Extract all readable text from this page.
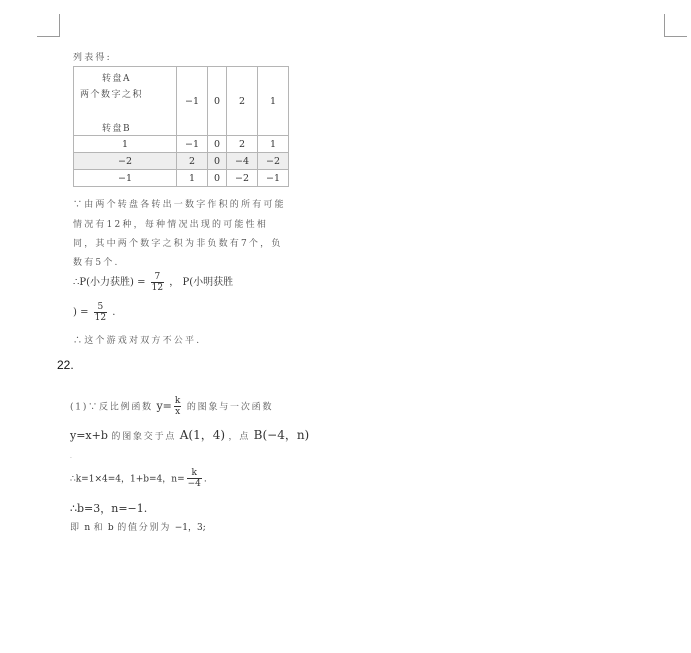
列表得:
转盘A
两个数字之积
转盘B	−1	0	2	1
1	−1	0	2	1
−2	2	0	−4	−2
−1	1	0	−2	−1
∵由两个转盘各转出一数字作积的所有可能
情况有12种，每种情况出现的可能性相
同，其中两个数字之积为非负数有7个，负
数有5个.
∴P(小力获胜) = $\frac{7}{12}$ ， P(小明获胜
) = $\frac{5}{12}$ .
∴这个游戏对双方不公平.
22.
(1)∵反比例函数 $y= \frac{k}{x}$ 的图象与一次函数
y=x+b 的图象交于点 A(1，4) ，点 B(−4，n)
·
∴k=1×4=4，1+b=4，$n= \frac{k}{-4}$ .
∴b=3，n=−1.
即 n 和 b 的值分别为 −1，3;
